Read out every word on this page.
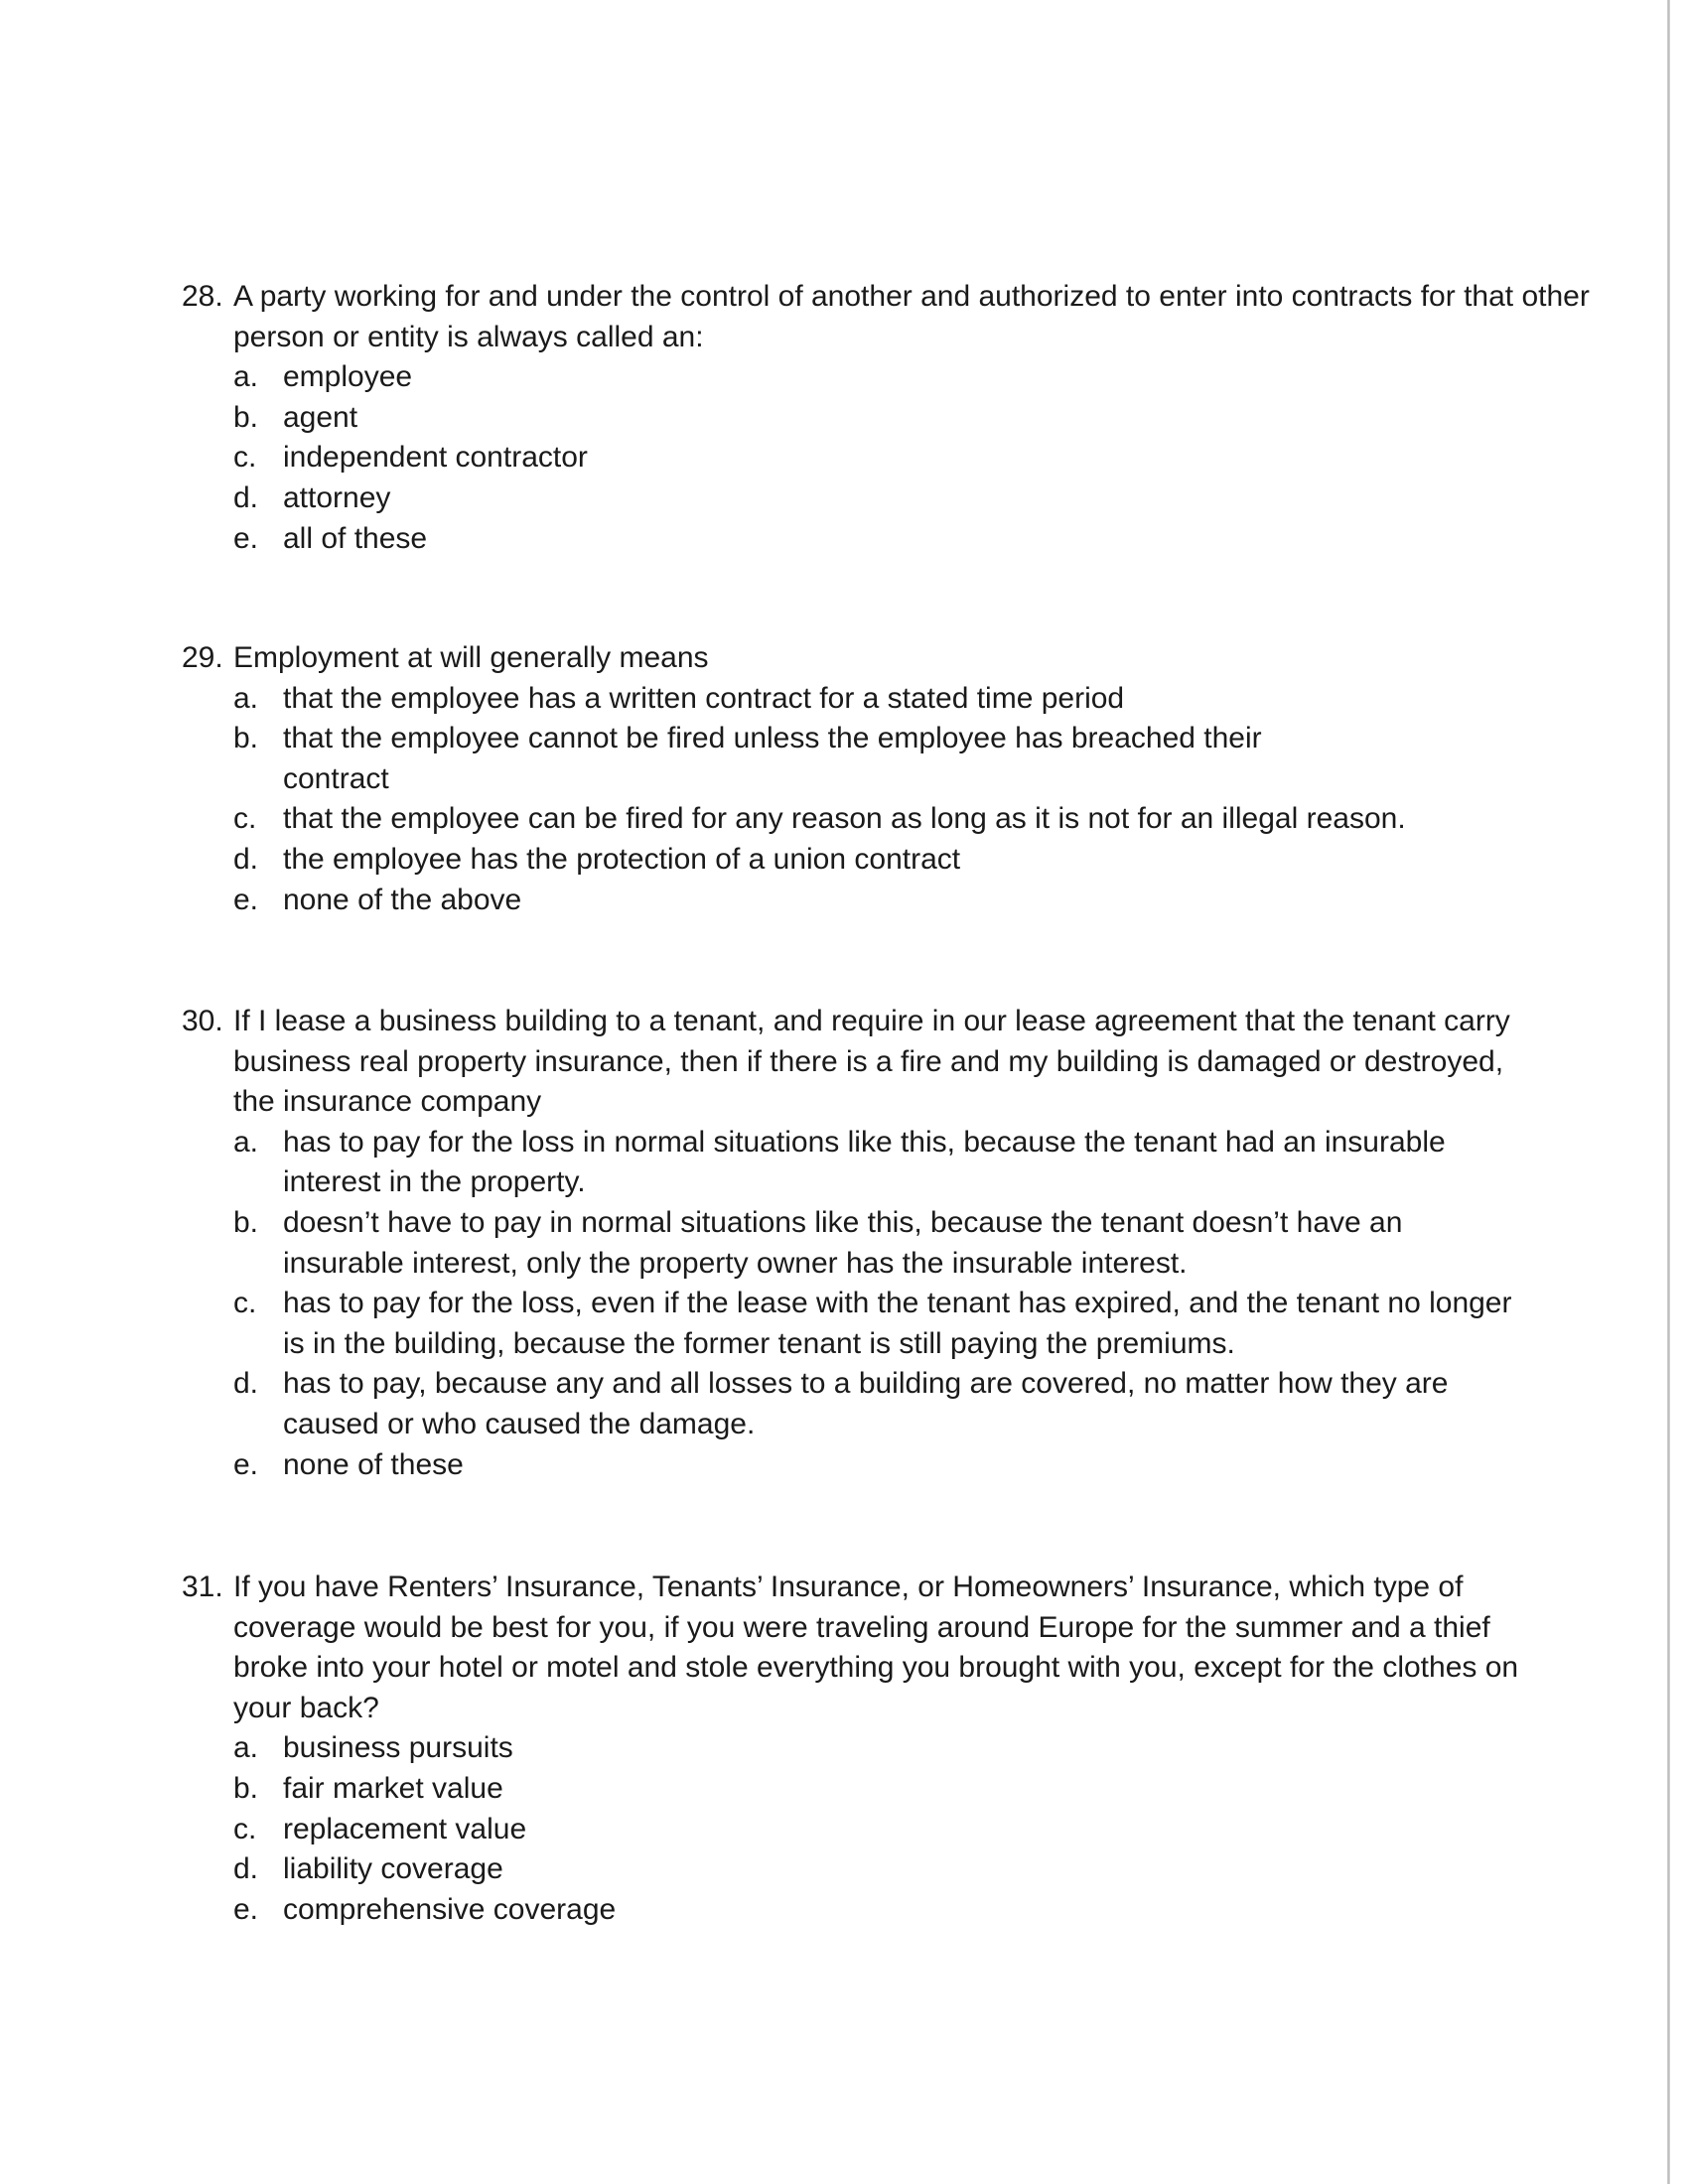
28. A party working for and under the control of another and authorized to enter into contracts for that other person or entity is always called an:
a. employee
b. agent
c. independent contractor
d. attorney
e. all of these
29. Employment at will generally means
a. that the employee has a written contract for a stated time period
b. that the employee cannot be fired unless the employee has breached their contract
c. that the employee can be fired for any reason as long as it is not for an illegal reason.
d. the employee has the protection of a union contract
e. none of the above
30. If I lease a business building to a tenant, and require in our lease agreement that the tenant carry business real property insurance, then if there is a fire and my building is damaged or destroyed, the insurance company
a. has to pay for the loss in normal situations like this, because the tenant had an insurable interest in the property.
b. doesn’t have to pay in normal situations like this, because the tenant doesn’t have an insurable interest, only the property owner has the insurable interest.
c. has to pay for the loss, even if the lease with the tenant has expired, and the tenant no longer is in the building, because the former tenant is still paying the premiums.
d. has to pay, because any and all losses to a building are covered, no matter how they are caused or who caused the damage.
e. none of these
31. If you have Renters’ Insurance, Tenants’ Insurance, or Homeowners’ Insurance, which type of coverage would be best for you, if you were traveling around Europe for the summer and a thief broke into your hotel or motel and stole everything you brought with you, except for the clothes on your back?
a. business pursuits
b. fair market value
c. replacement value
d. liability coverage
e. comprehensive coverage
